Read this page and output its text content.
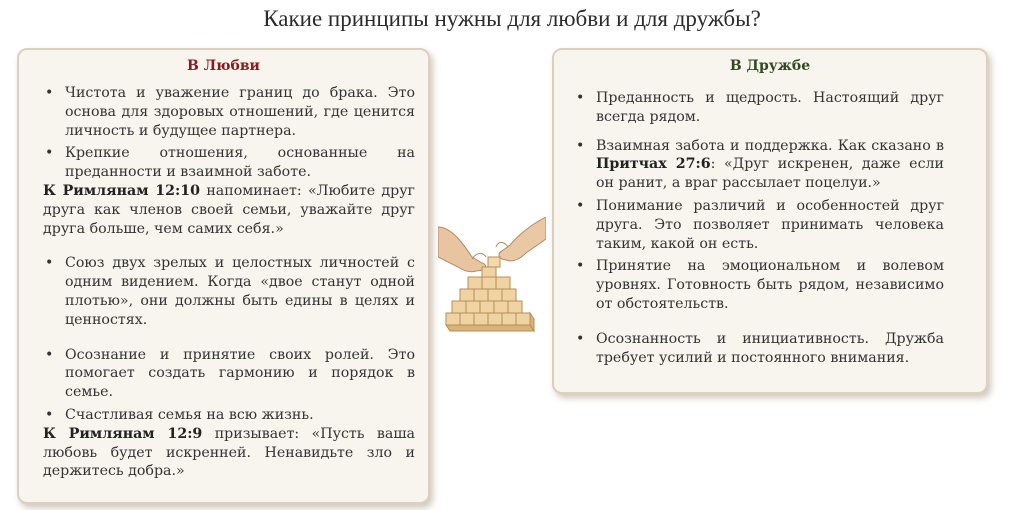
Какие принципы нужны для любви и для дружбы?
В Любви
• Чистота и уважение границ до брака. Это основа для здоровых отношений, где ценится личность и будущее партнера.
• Крепкие отношения, основанные на преданности и взаимной заботе.
К Римлянам 12:10 напоминает: «Любите друг друга как членов своей семьи, уважайте друг друга больше, чем самих себя.»
• Союз двух зрелых и целостных личностей с одним видением. Когда «двое станут одной плотью», они должны быть едины в целях и ценностях.
• Осознание и принятие своих ролей. Это помогает создать гармонию и порядок в семье.
• Счастливая семья на всю жизнь.
К Римлянам 12:9 призывает: «Пусть ваша любовь будет искренней. Ненавидьте зло и держитесь добра.»
В Дружбе
• Преданность и щедрость. Настоящий друг всегда рядом.
• Взаимная забота и поддержка. Как сказано в Притчах 27:6: «Друг искренен, даже если он ранит, а враг рассылает поцелуи.»
• Понимание различий и особенностей друг друга. Это позволяет принимать человека таким, какой он есть.
• Принятие на эмоциональном и волевом уровнях. Готовность быть рядом, независимо от обстоятельств.
• Осознанность и инициативность. Дружба требует усилий и постоянного внимания.
